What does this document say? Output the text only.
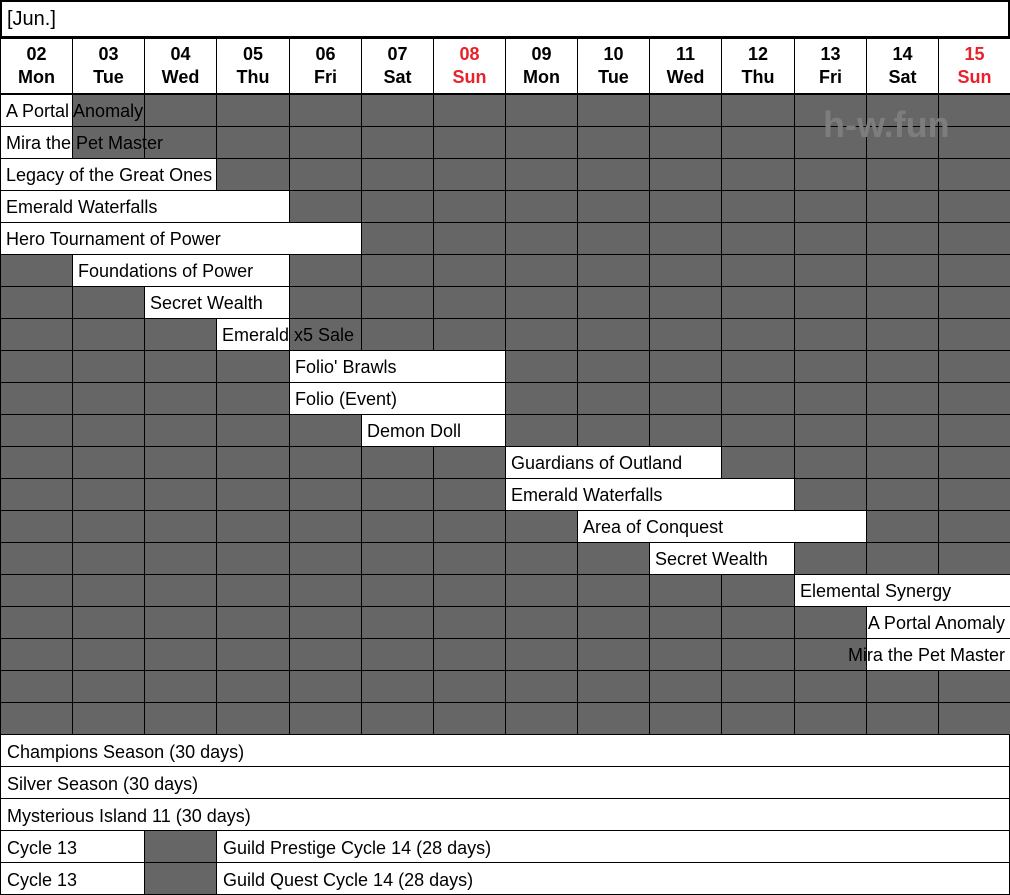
[Jun.]
02
Mon
03
Tue
04
Wed
05
Thu
06
Fri
07
Sat
08
Sun
09
Mon
10
Tue
11
Wed
12
Thu
13
Fri
14
Sat
15
Sun
h-w.fun
A Portal Anomaly
Mira the Pet Master
Legacy of the Great Ones
Emerald Waterfalls
Hero Tournament of Power
Foundations of Power
Secret Wealth
Emerald x5 Sale
Folio' Brawls
Folio (Event)
Demon Doll
Guardians of Outland
Emerald Waterfalls
Area of Conquest
Secret Wealth
Elemental Synergy
A Portal Anomaly
Mira the Pet Master
Champions Season (30 days)
Silver Season (30 days)
Mysterious Island 11 (30 days)
Cycle 13	Guild Prestige Cycle 14 (28 days)
Cycle 13	Guild Quest Cycle 14 (28 days)
